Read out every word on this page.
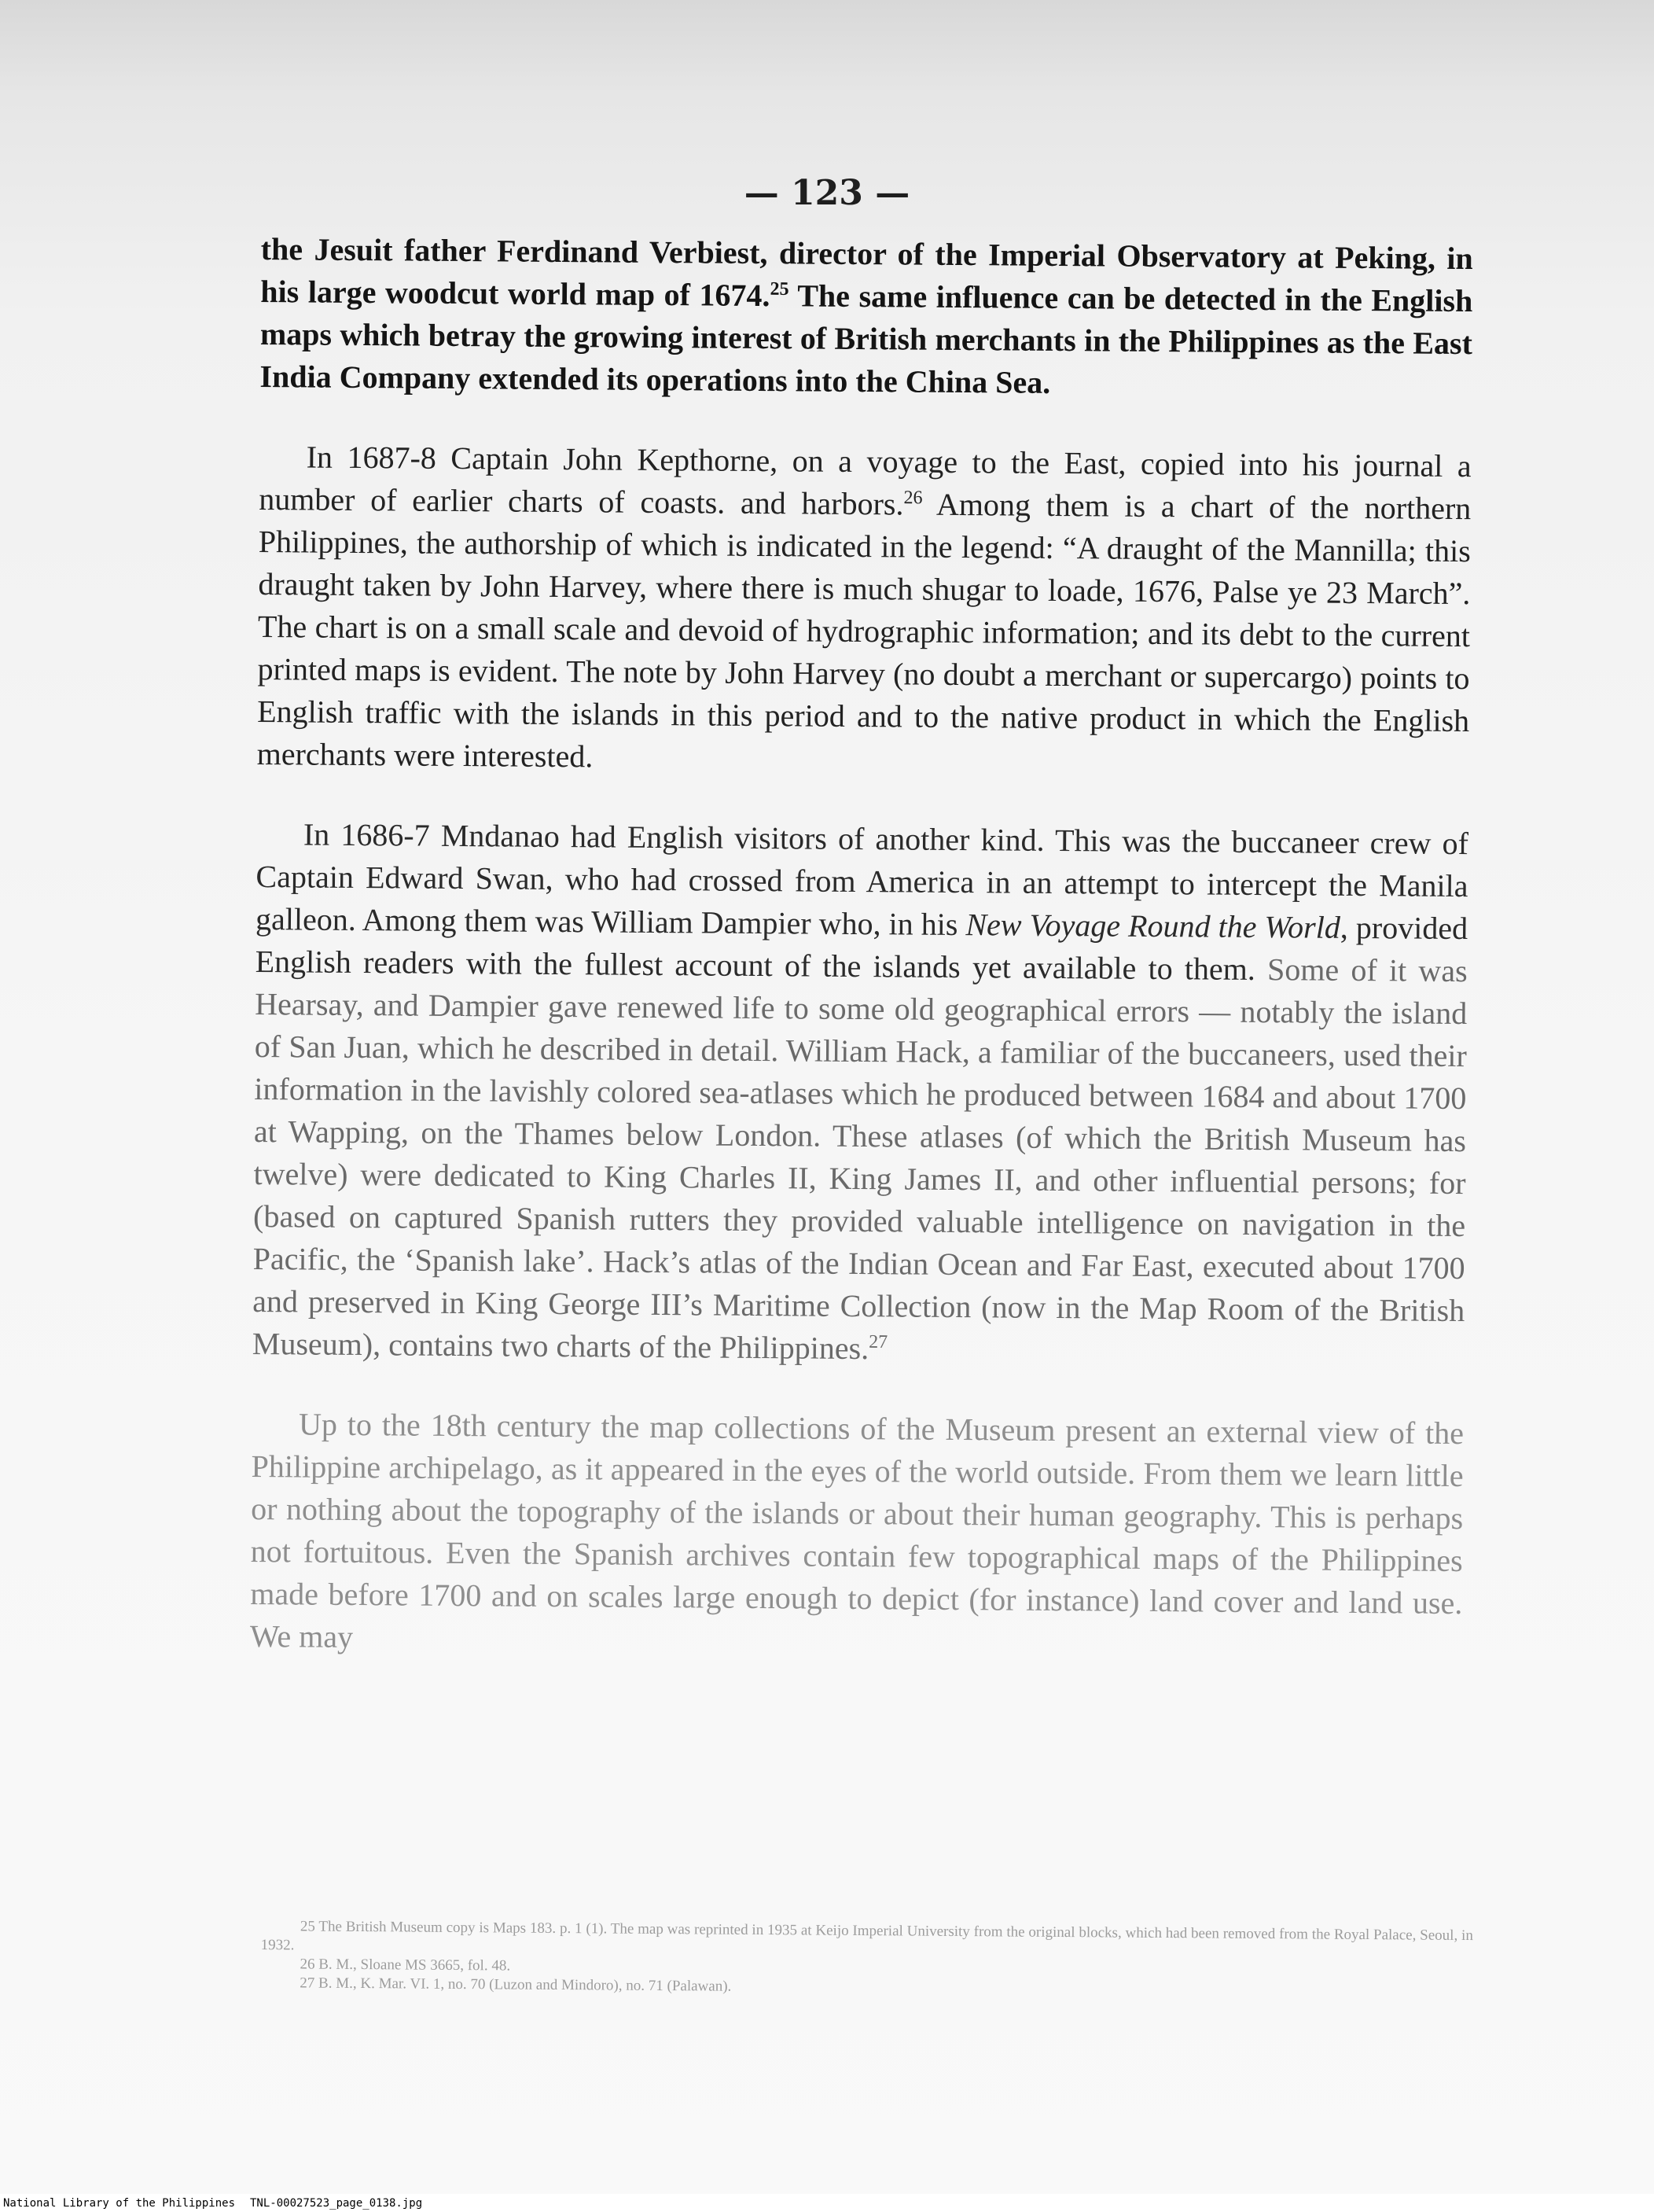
— 123 —

the Jesuit father Ferdinand Verbiest, director of the Imperial Observatory at Peking, in his large woodcut world map of 1674.25 The same influence can be detected in the English maps which betray the growing interest of British merchants in the Philippines as the East India Company extended its operations into the China Sea.

In 1687-8 Captain John Kepthorne, on a voyage to the East, copied into his journal a number of earlier charts of coasts. and harbors.$^{26}$ Among them is a chart of the northern Philippines, the authorship of which is indicated in the legend: “A draught of the Mannilla; this draught taken by John Harvey, where there is much shugar to loade, 1676, Palse ye 23 March”. The chart is on a small scale and devoid of hydrographic information; and its debt to the current printed maps is evident. The note by John Harvey (no doubt a merchant or supercargo) points to English traffic with the islands in this period and to the native product in which the English merchants were interested.

In 1686-7 Mndanao had English visitors of another kind. This was the buccaneer crew of Captain Edward Swan, who had crossed from America in an attempt to intercept the Manila galleon. Among them was William Dampier who, in his New Voyage Round the World, provided English readers with the fullest account of the islands yet available to them. Some of it was Hearsay, and Dampier gave renewed life to some old geographical errors — notably the island of San Juan, which he described in detail. William Hack, a familiar of the buccaneers, used their information in the lavishly colored sea-atlases which he produced between 1684 and about 1700 at Wapping, on the Thames below London. These atlases (of which the British Museum has twelve) were dedicated to King Charles II, King James II, and other influential persons; for (based on captured Spanish rutters they provided valuable intelligence on navigation in the Pacific, the ‘Spanish lake’. Hack’s atlas of the Indian Ocean and Far East, executed about 1700 and preserved in King George III’s Maritime Collection (now in the Map Room of the British Museum), contains two charts of the Philippines.$^{27}$

Up to the 18th century the map collections of the Museum present an external view of the Philippine archipelago, as it appeared in the eyes of the world outside. From them we learn little or nothing about the topography of the islands or about their human geography. This is perhaps not fortuitous. Even the Spanish archives contain few topographical maps of the Philippines made before 1700 and on scales large enough to depict (for instance) land cover and land use. We may

25 The British Museum copy is Maps 183. p. 1 (1). The map was reprinted in 1935 at Keijo Imperial University from the original blocks, which had been removed from the Royal Palace, Seoul, in 1932.

26 B. M., Sloane MS 3665, fol. 48.

27 B. M., K. Mar. VI. 1, no. 70 (Luzon and Mindoro), no. 71 (Palawan).

National Library of the Philippines TNL-00027523_page_0138.jpg
